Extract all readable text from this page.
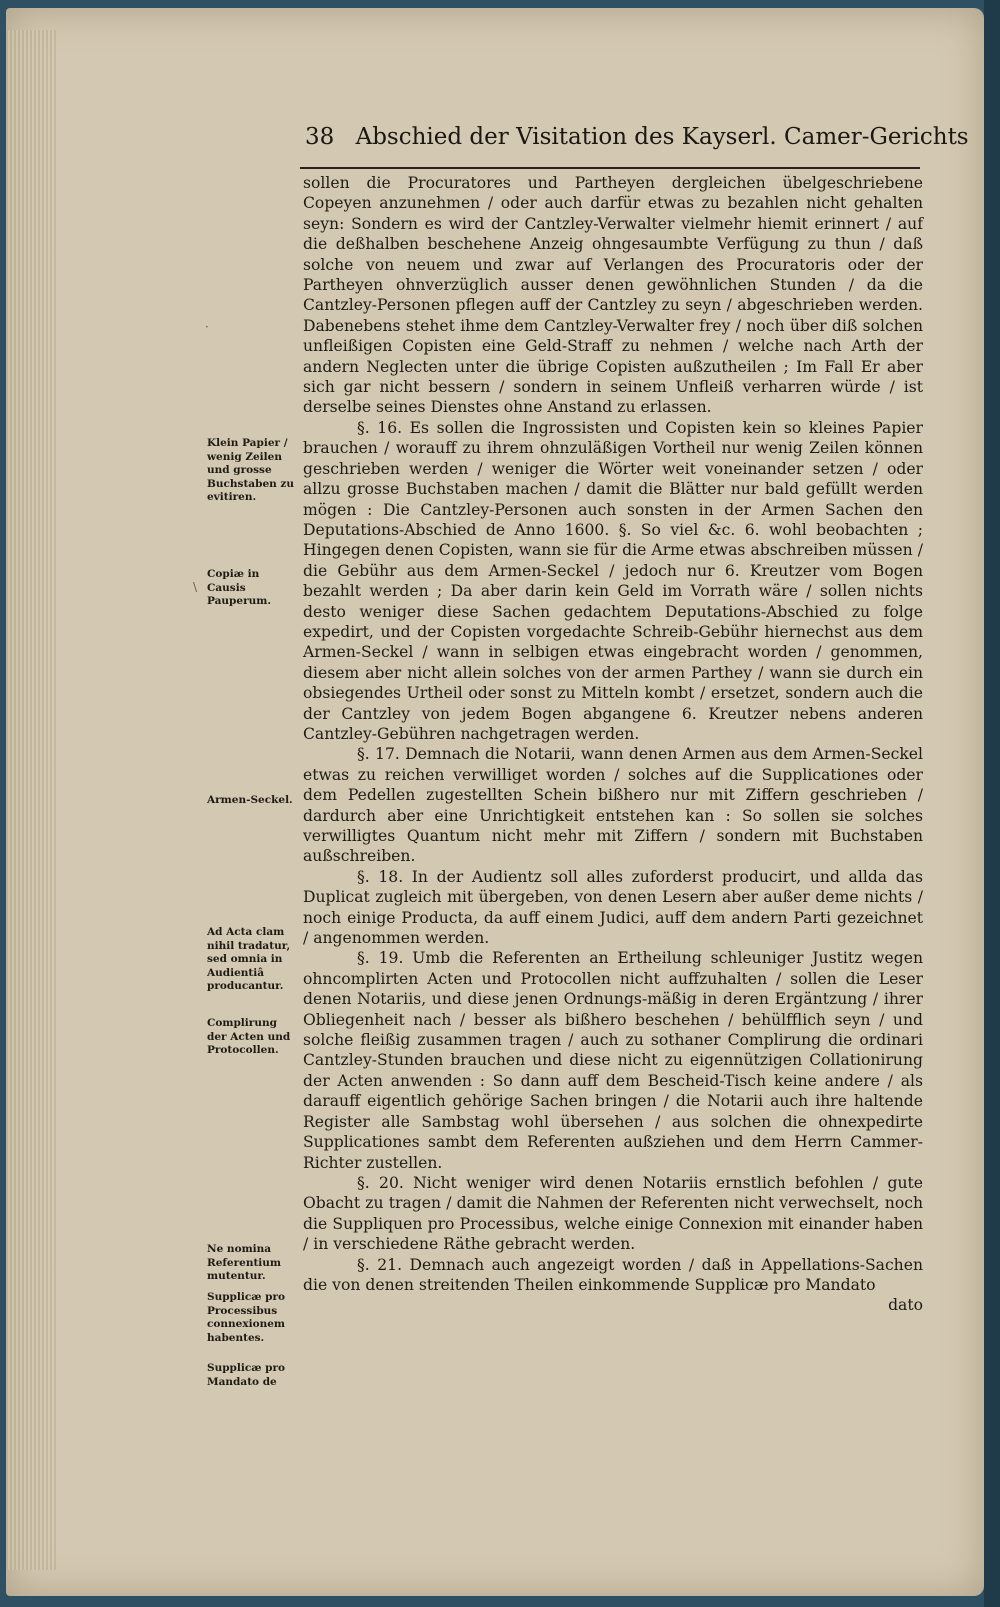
38 Abschied der Visitation des Kayserl. Camer-Gerichts

sollen die Procuratores und Partheyen dergleichen übelgeschriebene Copeyen anzunehmen / oder auch darfür etwas zu bezahlen nicht gehalten seyn: Sondern es wird der Cantzley-Verwalter vielmehr hiemit erinnert / auf die deßhalben beschehene Anzeig ohngesaumbte Verfügung zu thun / daß solche von neuem und zwar auf Verlangen des Procuratoris oder der Partheyen ohnverzüglich ausser denen gewöhnlichen Stunden / da die Cantzley-Personen pflegen auff der Cantzley zu seyn / abgeschrieben werden. Dabenebens stehet ihme dem Cantzley-Verwalter frey / noch über diß solchen unfleißigen Copisten eine Geld-Straff zu nehmen / welche nach Arth der andern Neglecten unter die übrige Copisten außzutheilen ; Im Fall Er aber sich gar nicht bessern / sondern in seinem Unfleiß verharren würde / ist derselbe seines Dienstes ohne Anstand zu erlassen.

§. 16. Es sollen die Ingrossisten und Copisten kein so kleines Papier brauchen / worauff zu ihrem ohnzuläßigen Vortheil nur wenig Zeilen können geschrieben werden / weniger die Wörter weit voneinander setzen / oder allzu grosse Buchstaben machen / damit die Blätter nur bald gefüllt werden mögen : Die Cantzley-Personen auch sonsten in der Armen Sachen den Deputations-Abschied de Anno 1600. §. So viel &c. 6. wohl beobachten ; Hingegen denen Copisten, wann sie für die Arme etwas abschreiben müssen / die Gebühr aus dem Armen-Seckel / jedoch nur 6. Kreutzer vom Bogen bezahlt werden ; Da aber darin kein Geld im Vorrath wäre / sollen nichts desto weniger diese Sachen gedachtem Deputations-Abschied zu folge expedirt, und der Copisten vorgedachte Schreib-Gebühr hiernechst aus dem Armen-Seckel / wann in selbigen etwas eingebracht worden / genommen, diesem aber nicht allein solches von der armen Parthey / wann sie durch ein obsiegendes Urtheil oder sonst zu Mitteln kombt / ersetzet, sondern auch die der Cantzley von jedem Bogen abgangene 6. Kreutzer nebens anderen Cantzley-Gebühren nachgetragen werden.

§. 17. Demnach die Notarii, wann denen Armen aus dem Armen-Seckel etwas zu reichen verwilliget worden / solches auf die Supplicationes oder dem Pedellen zugestellten Schein bißhero nur mit Ziffern geschrieben / dardurch aber eine Unrichtigkeit entstehen kan : So sollen sie solches verwilligtes Quantum nicht mehr mit Ziffern / sondern mit Buchstaben außschreiben.

§. 18. In der Audientz soll alles zuforderst producirt, und allda das Duplicat zugleich mit übergeben, von denen Lesern aber außer deme nichts / noch einige Producta, da auff einem Judici, auff dem andern Parti gezeichnet / angenommen werden.

§. 19. Umb die Referenten an Ertheilung schleuniger Justitz wegen ohncomplirten Acten und Protocollen nicht auffzuhalten / sollen die Leser denen Notariis, und diese jenen Ordnungs-mäßig in deren Ergäntzung / ihrer Obliegenheit nach / besser als bißhero beschehen / behülfflich seyn / und solche fleißig zusammen tragen / auch zu sothaner Complirung die ordinari Cantzley-Stunden brauchen und diese nicht zu eigennützigen Collationirung der Acten anwenden : So dann auff dem Bescheid-Tisch keine andere / als darauff eigentlich gehörige Sachen bringen / die Notarii auch ihre haltende Register alle Sambstag wohl übersehen / aus solchen die ohnexpedirte Supplicationes sambt dem Referenten außziehen und dem Herrn Cammer-Richter zustellen.

§. 20. Nicht weniger wird denen Notariis ernstlich befohlen / gute Obacht zu tragen / damit die Nahmen der Referenten nicht verwechselt, noch die Suppliquen pro Processibus, welche einige Connexion mit einander haben / in verschiedene Räthe gebracht werden.

§. 21. Demnach auch angezeigt worden / daß in Appellations-Sachen die von denen streitenden Theilen einkommende Supplicæ pro Mandato

dato

Klein Papier / wenig Zeilen und grosse Buchstaben zu evitiren.
Copiæ in Causis Pauperum.
Armen-Seckel.
Ad Acta clam nihil tradatur, sed omnia in Audientiâ producantur.
Complirung der Acten und Protocollen.
Ne nomina Referentium mutentur.
Supplicæ pro Processibus connexionem habentes.
Supplicæ pro Mandato de
\
·
